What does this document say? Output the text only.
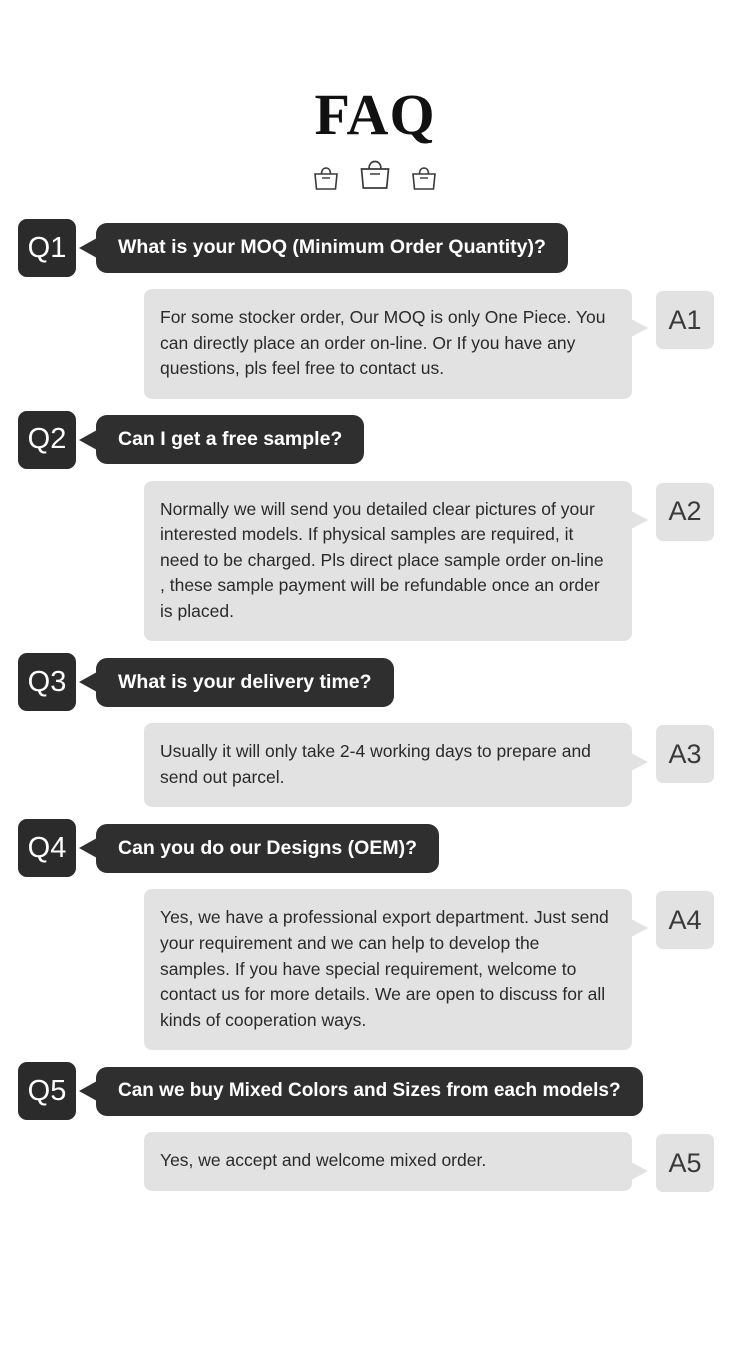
FAQ
Q1	What is your MOQ (Minimum Order Quantity)?
For some stocker order, Our MOQ is only One Piece. You can directly place an order on-line. Or If you have any questions, pls feel free to contact us.
A1
Q2	Can I get a free sample?
Normally we will send you detailed clear pictures of your interested models. If physical samples are required, it need to be charged. Pls direct place sample order on-line , these sample payment will be refundable once an order is placed.
A2
Q3	What is your delivery time?
Usually it will only take 2-4 working days to prepare and send out parcel.
A3
Q4	Can you do our Designs (OEM)?
Yes, we have a professional export department. Just send your requirement and we can help to develop the samples. If you have special requirement, welcome to contact us for more details. We are open to discuss for all kinds of cooperation ways.
A4
Q5	Can we buy Mixed Colors and Sizes from each models?
Yes, we accept and welcome mixed order.	A5
